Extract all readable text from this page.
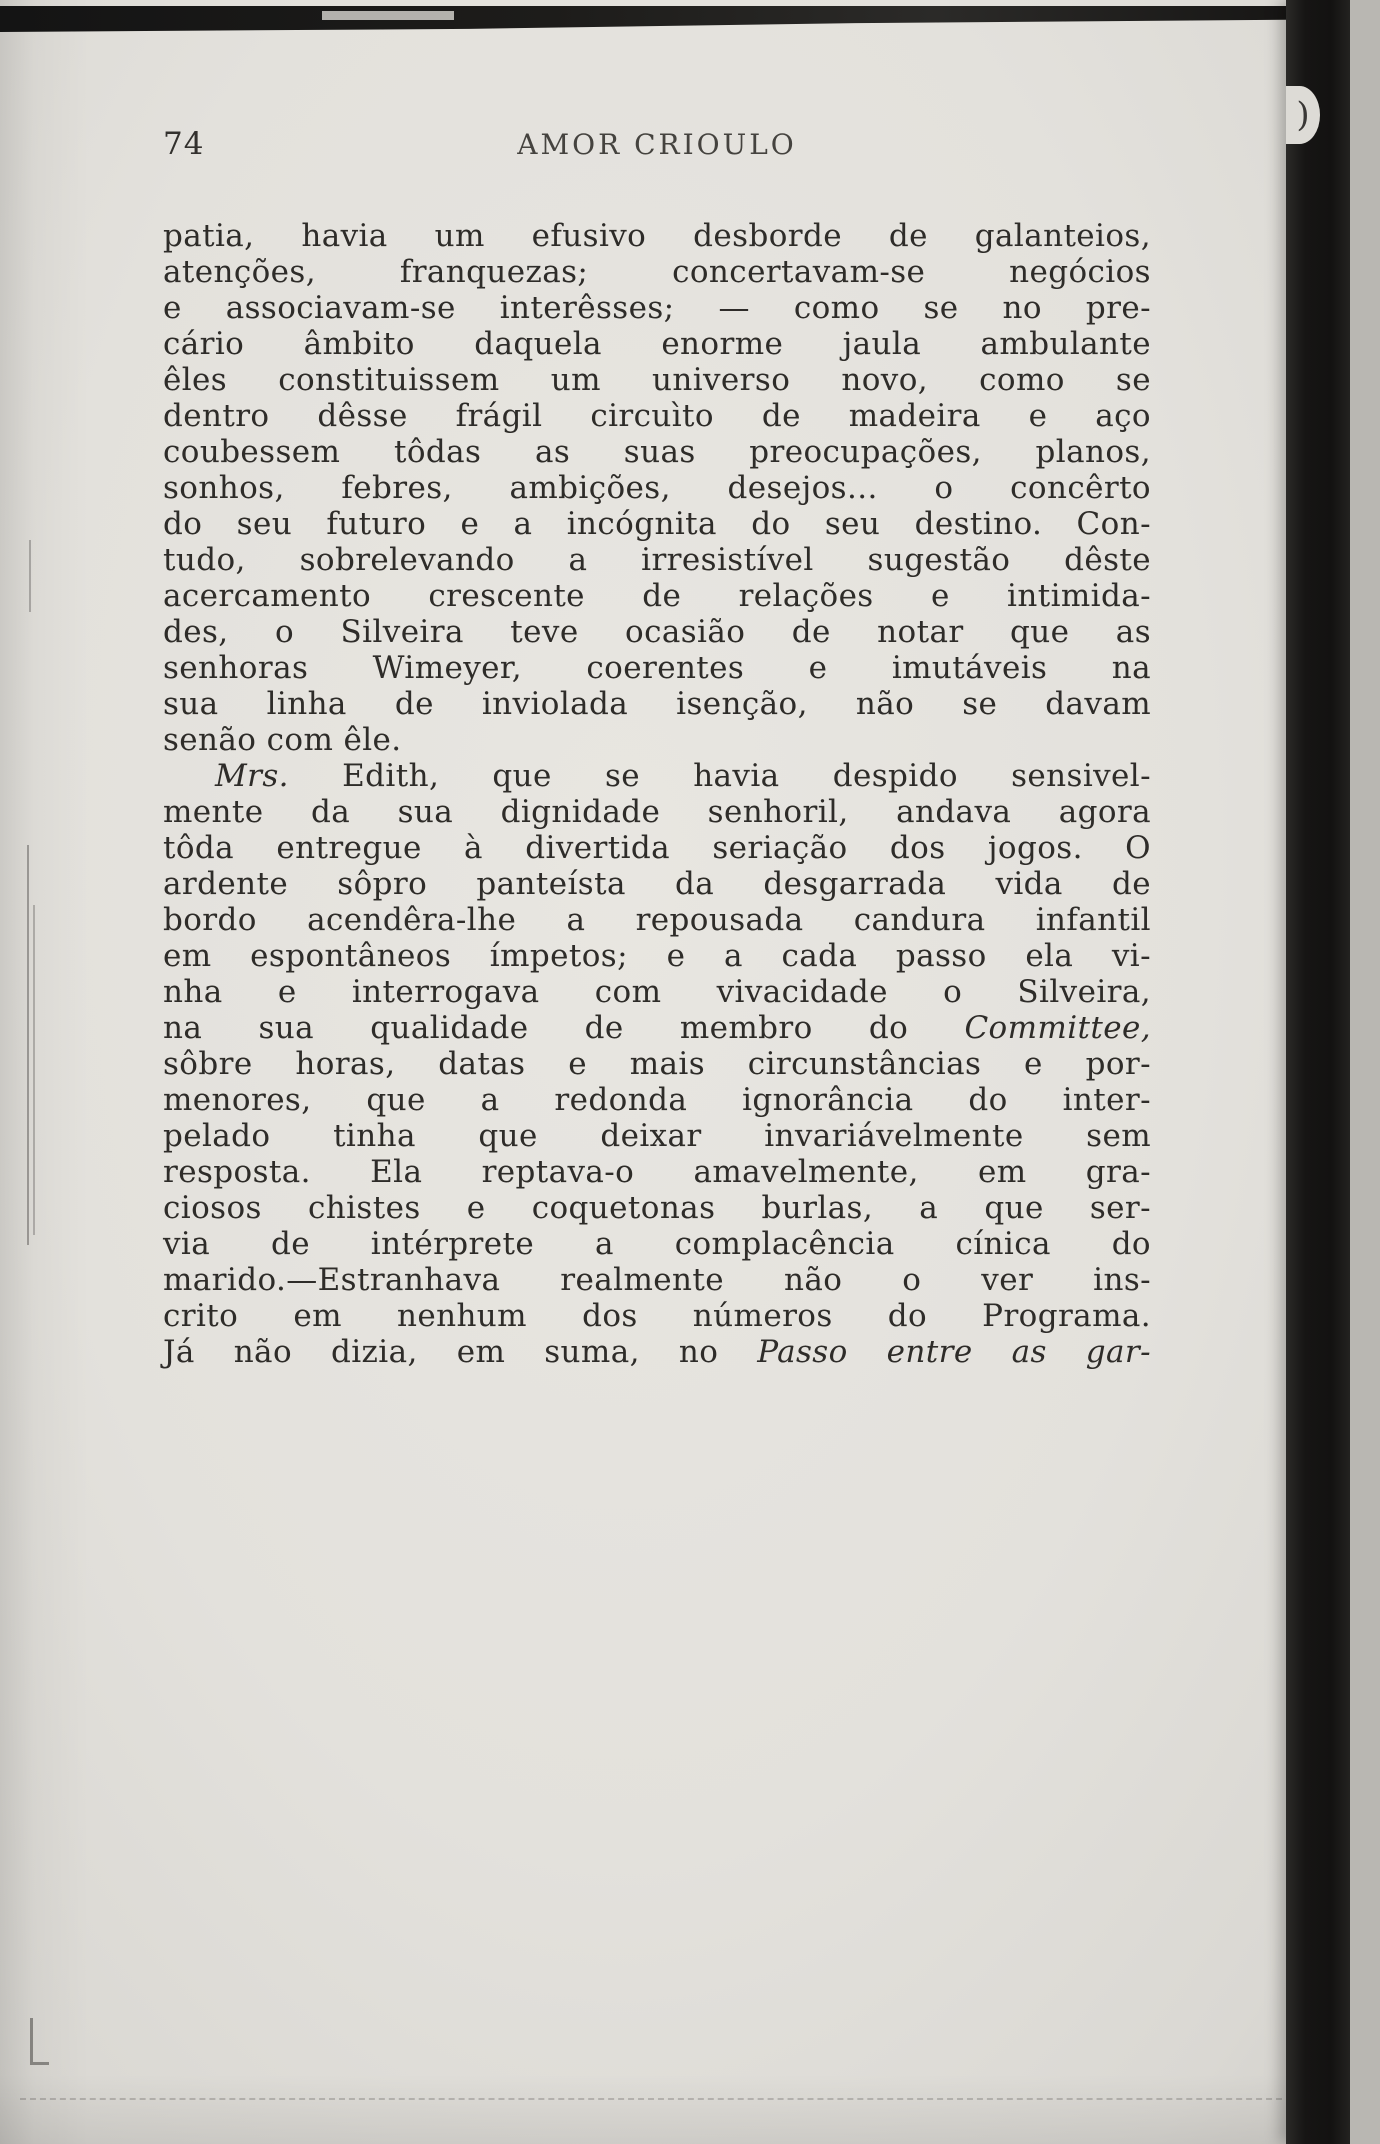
)
74	AMOR CRIOULO
patia, havia um efusivo desborde de galanteios,
atenções, franquezas; concertavam-se negócios
e associavam-se interêsses; — como se no pre-
cário âmbito daquela enorme jaula ambulante
êles constituissem um universo novo, como se
dentro dêsse frágil circuìto de madeira e aço
coubessem tôdas as suas preocupações, planos,
sonhos, febres, ambições, desejos... o concêrto
do seu futuro e a incógnita do seu destino. Con-
tudo, sobrelevando a irresistível sugestão dêste
acercamento crescente de relações e intimida-
des, o Silveira teve ocasião de notar que as
senhoras Wimeyer, coerentes e imutáveis na
sua linha de inviolada isenção, não se davam
senão com êle.
Mrs. Edith, que se havia despido sensivel-
mente da sua dignidade senhoril, andava agora
tôda entregue à divertida seriação dos jogos. O
ardente sôpro panteísta da desgarrada vida de
bordo acendêra-lhe a repousada candura infantil
em espontâneos ímpetos; e a cada passo ela vi-
nha e interrogava com vivacidade o Silveira,
na sua qualidade de membro do Committee,
sôbre horas, datas e mais circunstâncias e por-
menores, que a redonda ignorância do inter-
pelado tinha que deixar invariávelmente sem
resposta. Ela reptava-o amavelmente, em gra-
ciosos chistes e coquetonas burlas, a que ser-
via de intérprete a complacência cínica do
marido.—Estranhava realmente não o ver ins-
crito em nenhum dos números do Programa.
Já não dizia, em suma, no Passo entre as gar-
